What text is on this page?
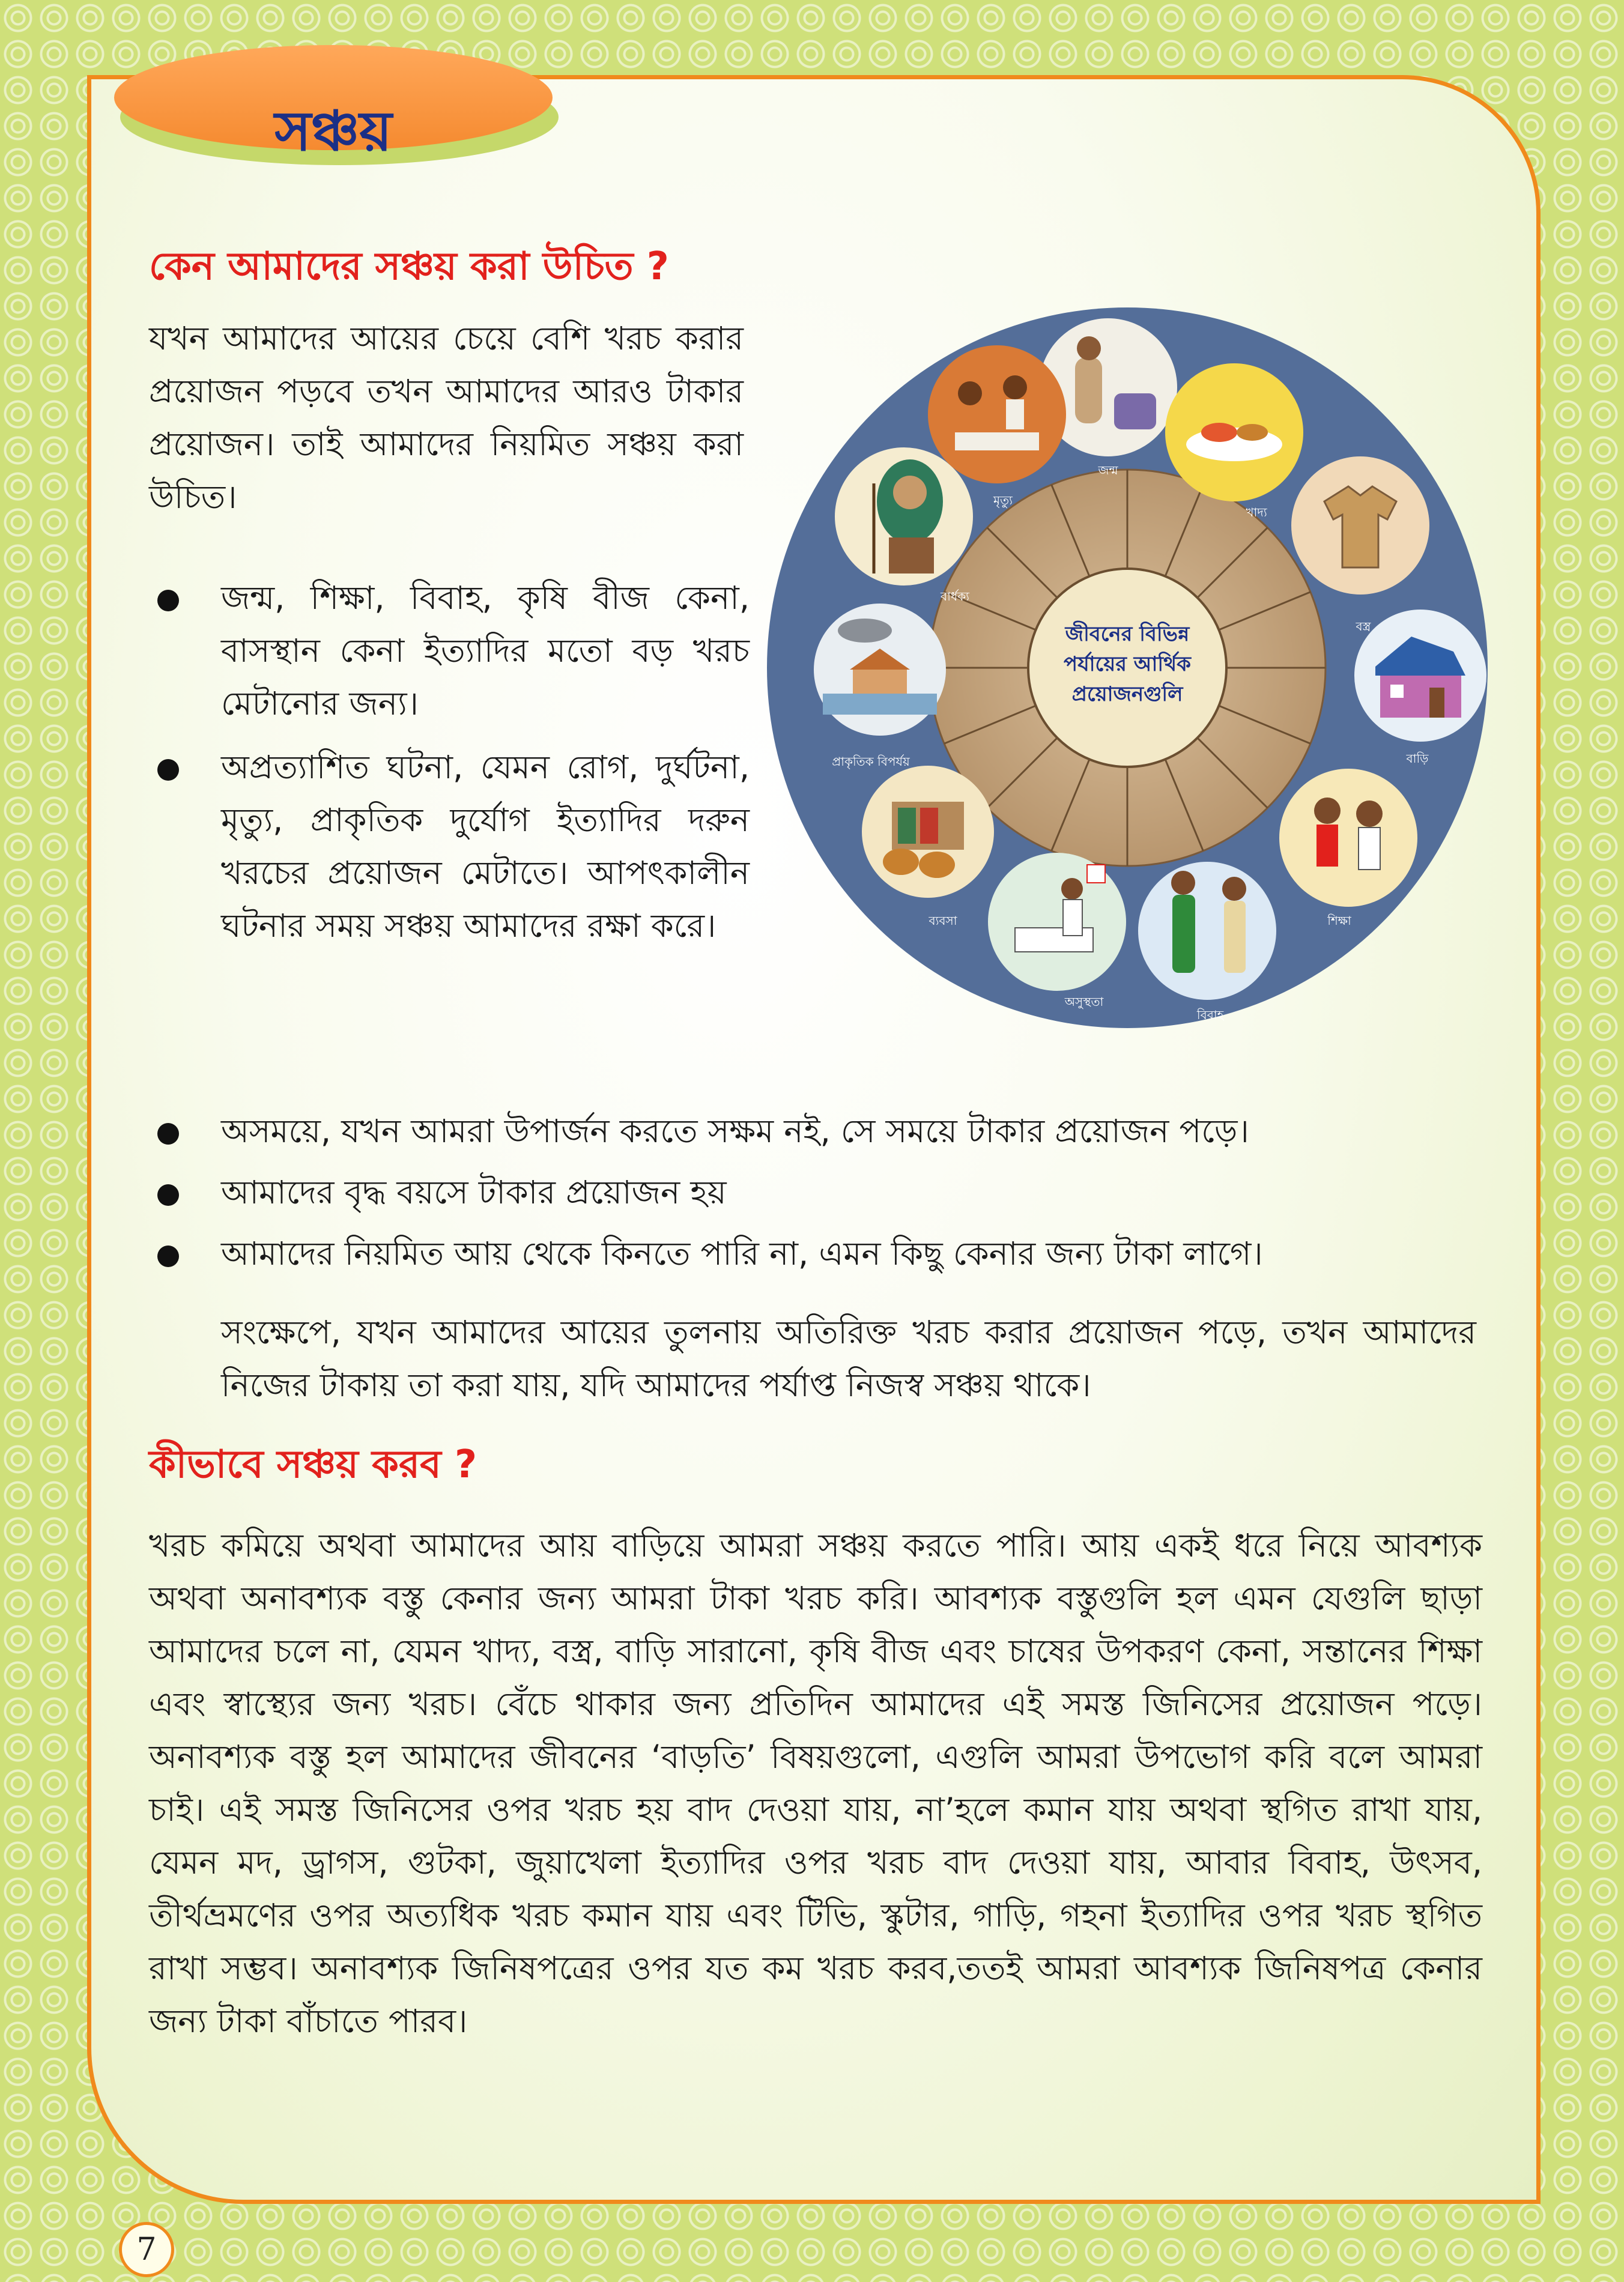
সঞ্চয়
কেন আমাদের সঞ্চয় করা উচিত ?

যখন আমাদের আয়ের চেয়ে বেশি খরচ করার প্রয়োজন পড়বে তখন আমাদের আরও টাকার প্রয়োজন। তাই আমাদের নিয়মিত সঞ্চয় করা উচিত।

জন্ম, শিক্ষা, বিবাহ, কৃষি বীজ কেনা, বাসস্থান কেনা ইত্যাদির মতো বড় খরচ মেটানোর জন্য।
অপ্রত্যাশিত ঘটনা, যেমন রোগ, দুর্ঘটনা, মৃত্যু, প্রাকৃতিক দুর্যোগ ইত্যাদির দরুন খরচের প্রয়োজন মেটাতে। আপৎকালীন ঘটনার সময় সঞ্চয় আমাদের রক্ষা করে।
অসময়ে, যখন আমরা উপার্জন করতে সক্ষম নই, সে সময়ে টাকার প্রয়োজন পড়ে।
আমাদের বৃদ্ধ বয়সে টাকার প্রয়োজন হয়
আমাদের নিয়মিত আয় থেকে কিনতে পারি না, এমন কিছু কেনার জন্য টাকা লাগে।

সংক্ষেপে, যখন আমাদের আয়ের তুলনায় অতিরিক্ত খরচ করার প্রয়োজন পড়ে, তখন আমাদের নিজের টাকায় তা করা যায়, যদি আমাদের পর্যাপ্ত নিজস্ব সঞ্চয় থাকে।

কীভাবে সঞ্চয় করব ?

খরচ কমিয়ে অথবা আমাদের আয় বাড়িয়ে আমরা সঞ্চয় করতে পারি। আয় একই ধরে নিয়ে আবশ্যক অথবা অনাবশ্যক বস্তু কেনার জন্য আমরা টাকা খরচ করি। আবশ্যক বস্তুগুলি হল এমন যেগুলি ছাড়া আমাদের চলে না, যেমন খাদ্য, বস্ত্র, বাড়ি সারানো, কৃষি বীজ এবং চাষের উপকরণ কেনা, সন্তানের শিক্ষা এবং স্বাস্থ্যের জন্য খরচ। বেঁচে থাকার জন্য প্রতিদিন আমাদের এই সমস্ত জিনিসের প্রয়োজন পড়ে। অনাবশ্যক বস্তু হল আমাদের জীবনের ‘বাড়তি’ বিষয়গুলো, এগুলি আমরা উপভোগ করি বলে আমরা চাই। এই সমস্ত জিনিসের ওপর খরচ হয় বাদ দেওয়া যায়, না’হলে কমান যায় অথবা স্থগিত রাখা যায়, যেমন মদ, ড্রাগস, গুটকা, জুয়াখেলা ইত্যাদির ওপর খরচ বাদ দেওয়া যায়, আবার বিবাহ, উৎসব, তীর্থভ্রমণের ওপর অত্যধিক খরচ কমান যায় এবং টিভি, স্কুটার, গাড়ি, গহনা ইত্যাদির ওপর খরচ স্থগিত রাখা সম্ভব। অনাবশ্যক জিনিষপত্রের ওপর যত কম খরচ করব,ততই আমরা আবশ্যক জিনিষপত্র কেনার জন্য টাকা বাঁচাতে পারব।

জীবনের বিভিন্ন
পর্যায়ের আর্থিক
প্রয়োজনগুলি
জন্ম
খাদ্য
বস্ত্র
বাড়ি
শিক্ষা
বিবাহ
অসুস্থতা
ব্যবসা
প্রাকৃতিক বিপর্যয়
বার্ধক্য
মৃত্যু
7
